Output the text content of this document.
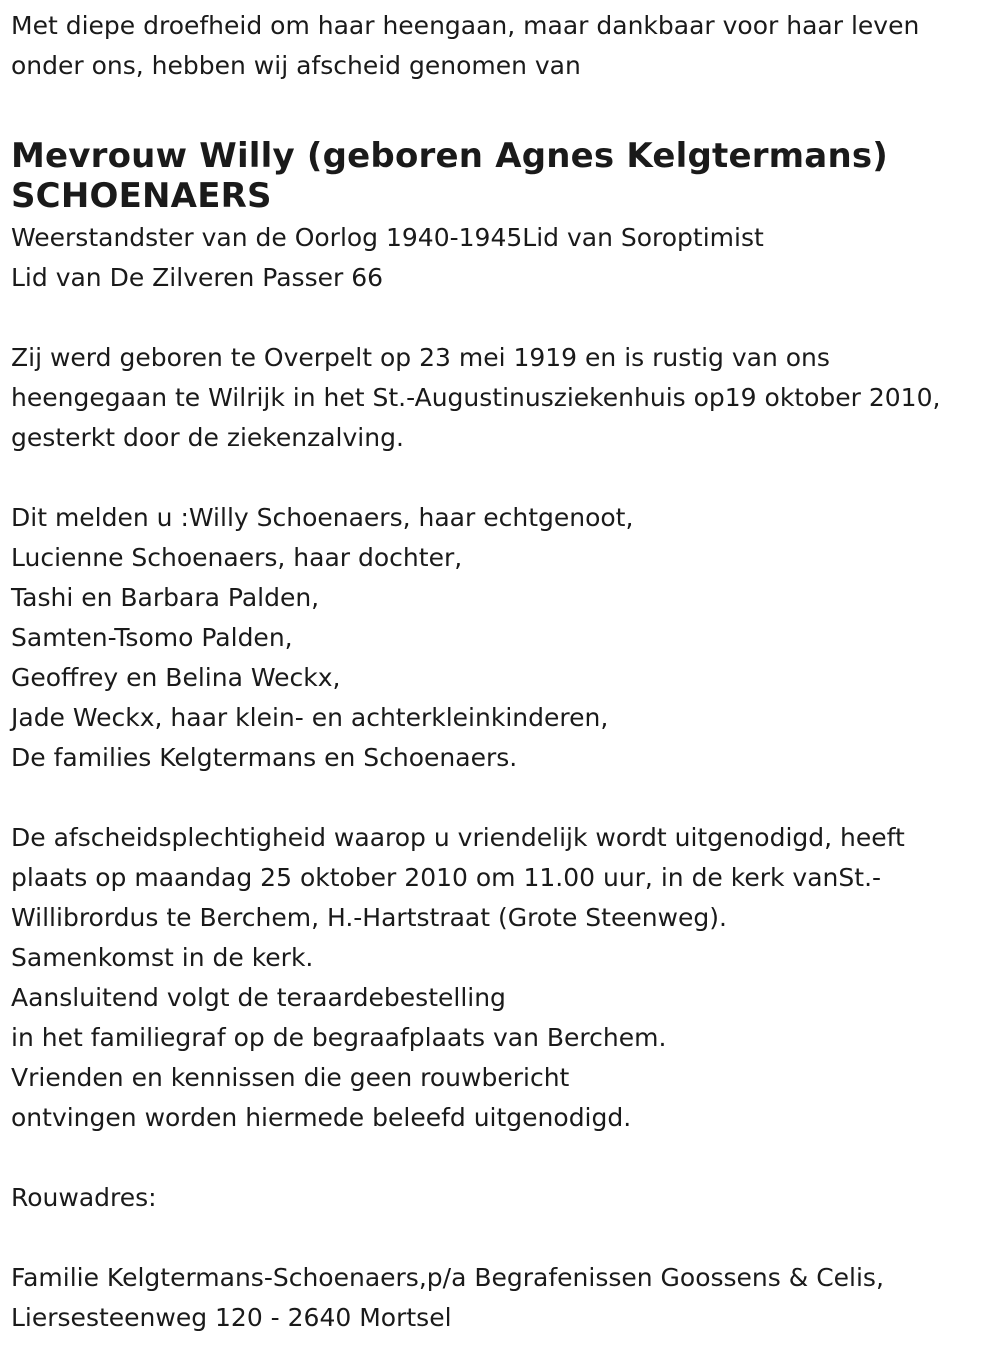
Met diepe droefheid om haar heengaan, maar dankbaar voor haar leven
onder ons, hebben wij afscheid genomen van
Mevrouw Willy (geboren Agnes Kelgtermans)
SCHOENAERS
Weerstandster van de Oorlog 1940-1945Lid van Soroptimist
Lid van De Zilveren Passer 66
Zij werd geboren te Overpelt op 23 mei 1919 en is rustig van ons
heengegaan te Wilrijk in het St.-Augustinusziekenhuis op19 oktober 2010,
gesterkt door de ziekenzalving.
Dit melden u :Willy Schoenaers, haar echtgenoot,
Lucienne Schoenaers, haar dochter,
Tashi en Barbara Palden,
Samten-Tsomo Palden,
Geoffrey en Belina Weckx,
Jade Weckx, haar klein- en achterkleinkinderen,
De families Kelgtermans en Schoenaers.
De afscheidsplechtigheid waarop u vriendelijk wordt uitgenodigd, heeft
plaats op maandag 25 oktober 2010 om 11.00 uur, in de kerk vanSt.-
Willibrordus te Berchem, H.-Hartstraat (Grote Steenweg).
Samenkomst in de kerk.
Aansluitend volgt de teraardebestelling
in het familiegraf op de begraafplaats van Berchem.
Vrienden en kennissen die geen rouwbericht
ontvingen worden hiermede beleefd uitgenodigd.
Rouwadres:
Familie Kelgtermans-Schoenaers,p/a Begrafenissen Goossens & Celis,
Liersesteenweg 120 - 2640 Mortsel
